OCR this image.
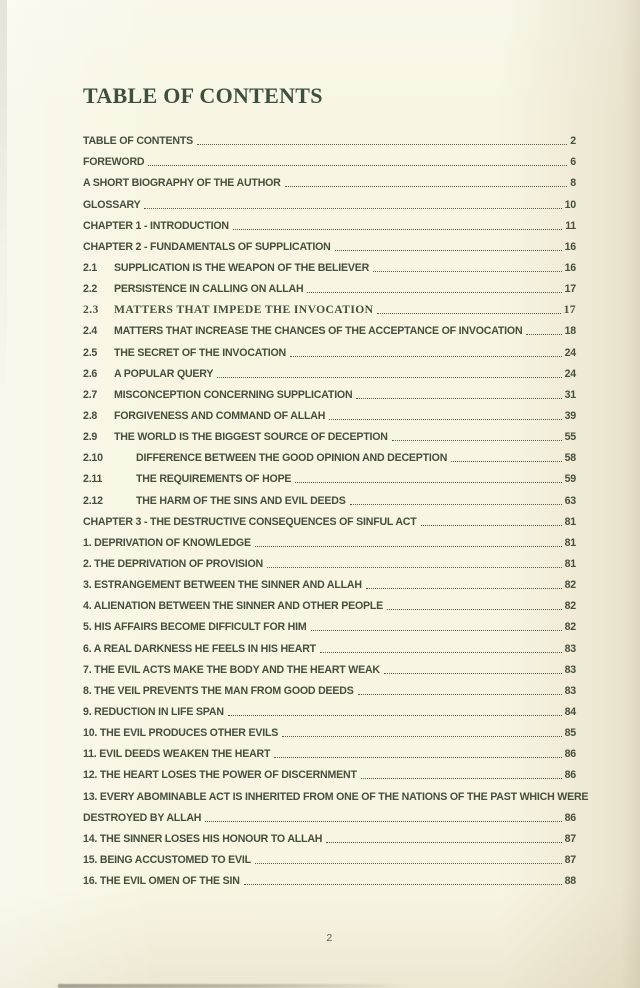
TABLE OF CONTENTS
TABLE OF CONTENTS	2
FOREWORD	6
A SHORT BIOGRAPHY OF THE AUTHOR	8
GLOSSARY	10
CHAPTER 1 - INTRODUCTION	11
CHAPTER 2 - FUNDAMENTALS OF SUPPLICATION	16
2.1	SUPPLICATION IS THE WEAPON OF THE BELIEVER	16
2.2	PERSISTENCE IN CALLING ON ALLAH	17
2.3	MATTERS THAT IMPEDE THE INVOCATION	17
2.4	MATTERS THAT INCREASE THE CHANCES OF THE ACCEPTANCE OF INVOCATION	18
2.5	THE SECRET OF THE INVOCATION	24
2.6	A POPULAR QUERY	24
2.7	MISCONCEPTION CONCERNING SUPPLICATION	31
2.8	FORGIVENESS AND COMMAND OF ALLAH	39
2.9	THE WORLD IS THE BIGGEST SOURCE OF DECEPTION	55
2.10	DIFFERENCE BETWEEN THE GOOD OPINION AND DECEPTION	58
2.11	THE REQUIREMENTS OF HOPE	59
2.12	THE HARM OF THE SINS AND EVIL DEEDS	63
CHAPTER 3 - THE DESTRUCTIVE CONSEQUENCES OF SINFUL ACT	81
1. DEPRIVATION OF KNOWLEDGE	81
2. THE DEPRIVATION OF PROVISION	81
3. ESTRANGEMENT BETWEEN THE SINNER AND ALLAH	82
4. ALIENATION BETWEEN THE SINNER AND OTHER PEOPLE	82
5. HIS AFFAIRS BECOME DIFFICULT FOR HIM	82
6. A REAL DARKNESS HE FEELS IN HIS HEART	83
7. THE EVIL ACTS MAKE THE BODY AND THE HEART WEAK	83
8. THE VEIL PREVENTS THE MAN FROM GOOD DEEDS	83
9. REDUCTION IN LIFE SPAN	84
10. THE EVIL PRODUCES OTHER EVILS	85
11. EVIL DEEDS WEAKEN THE HEART	86
12. THE HEART LOSES THE POWER OF DISCERNMENT	86
13. EVERY ABOMINABLE ACT IS INHERITED FROM ONE OF THE NATIONS OF THE PAST WHICH WERE
DESTROYED BY ALLAH	86
14. THE SINNER LOSES HIS HONOUR TO ALLAH	87
15. BEING ACCUSTOMED TO EVIL	87
16. THE EVIL OMEN OF THE SIN	88
2
